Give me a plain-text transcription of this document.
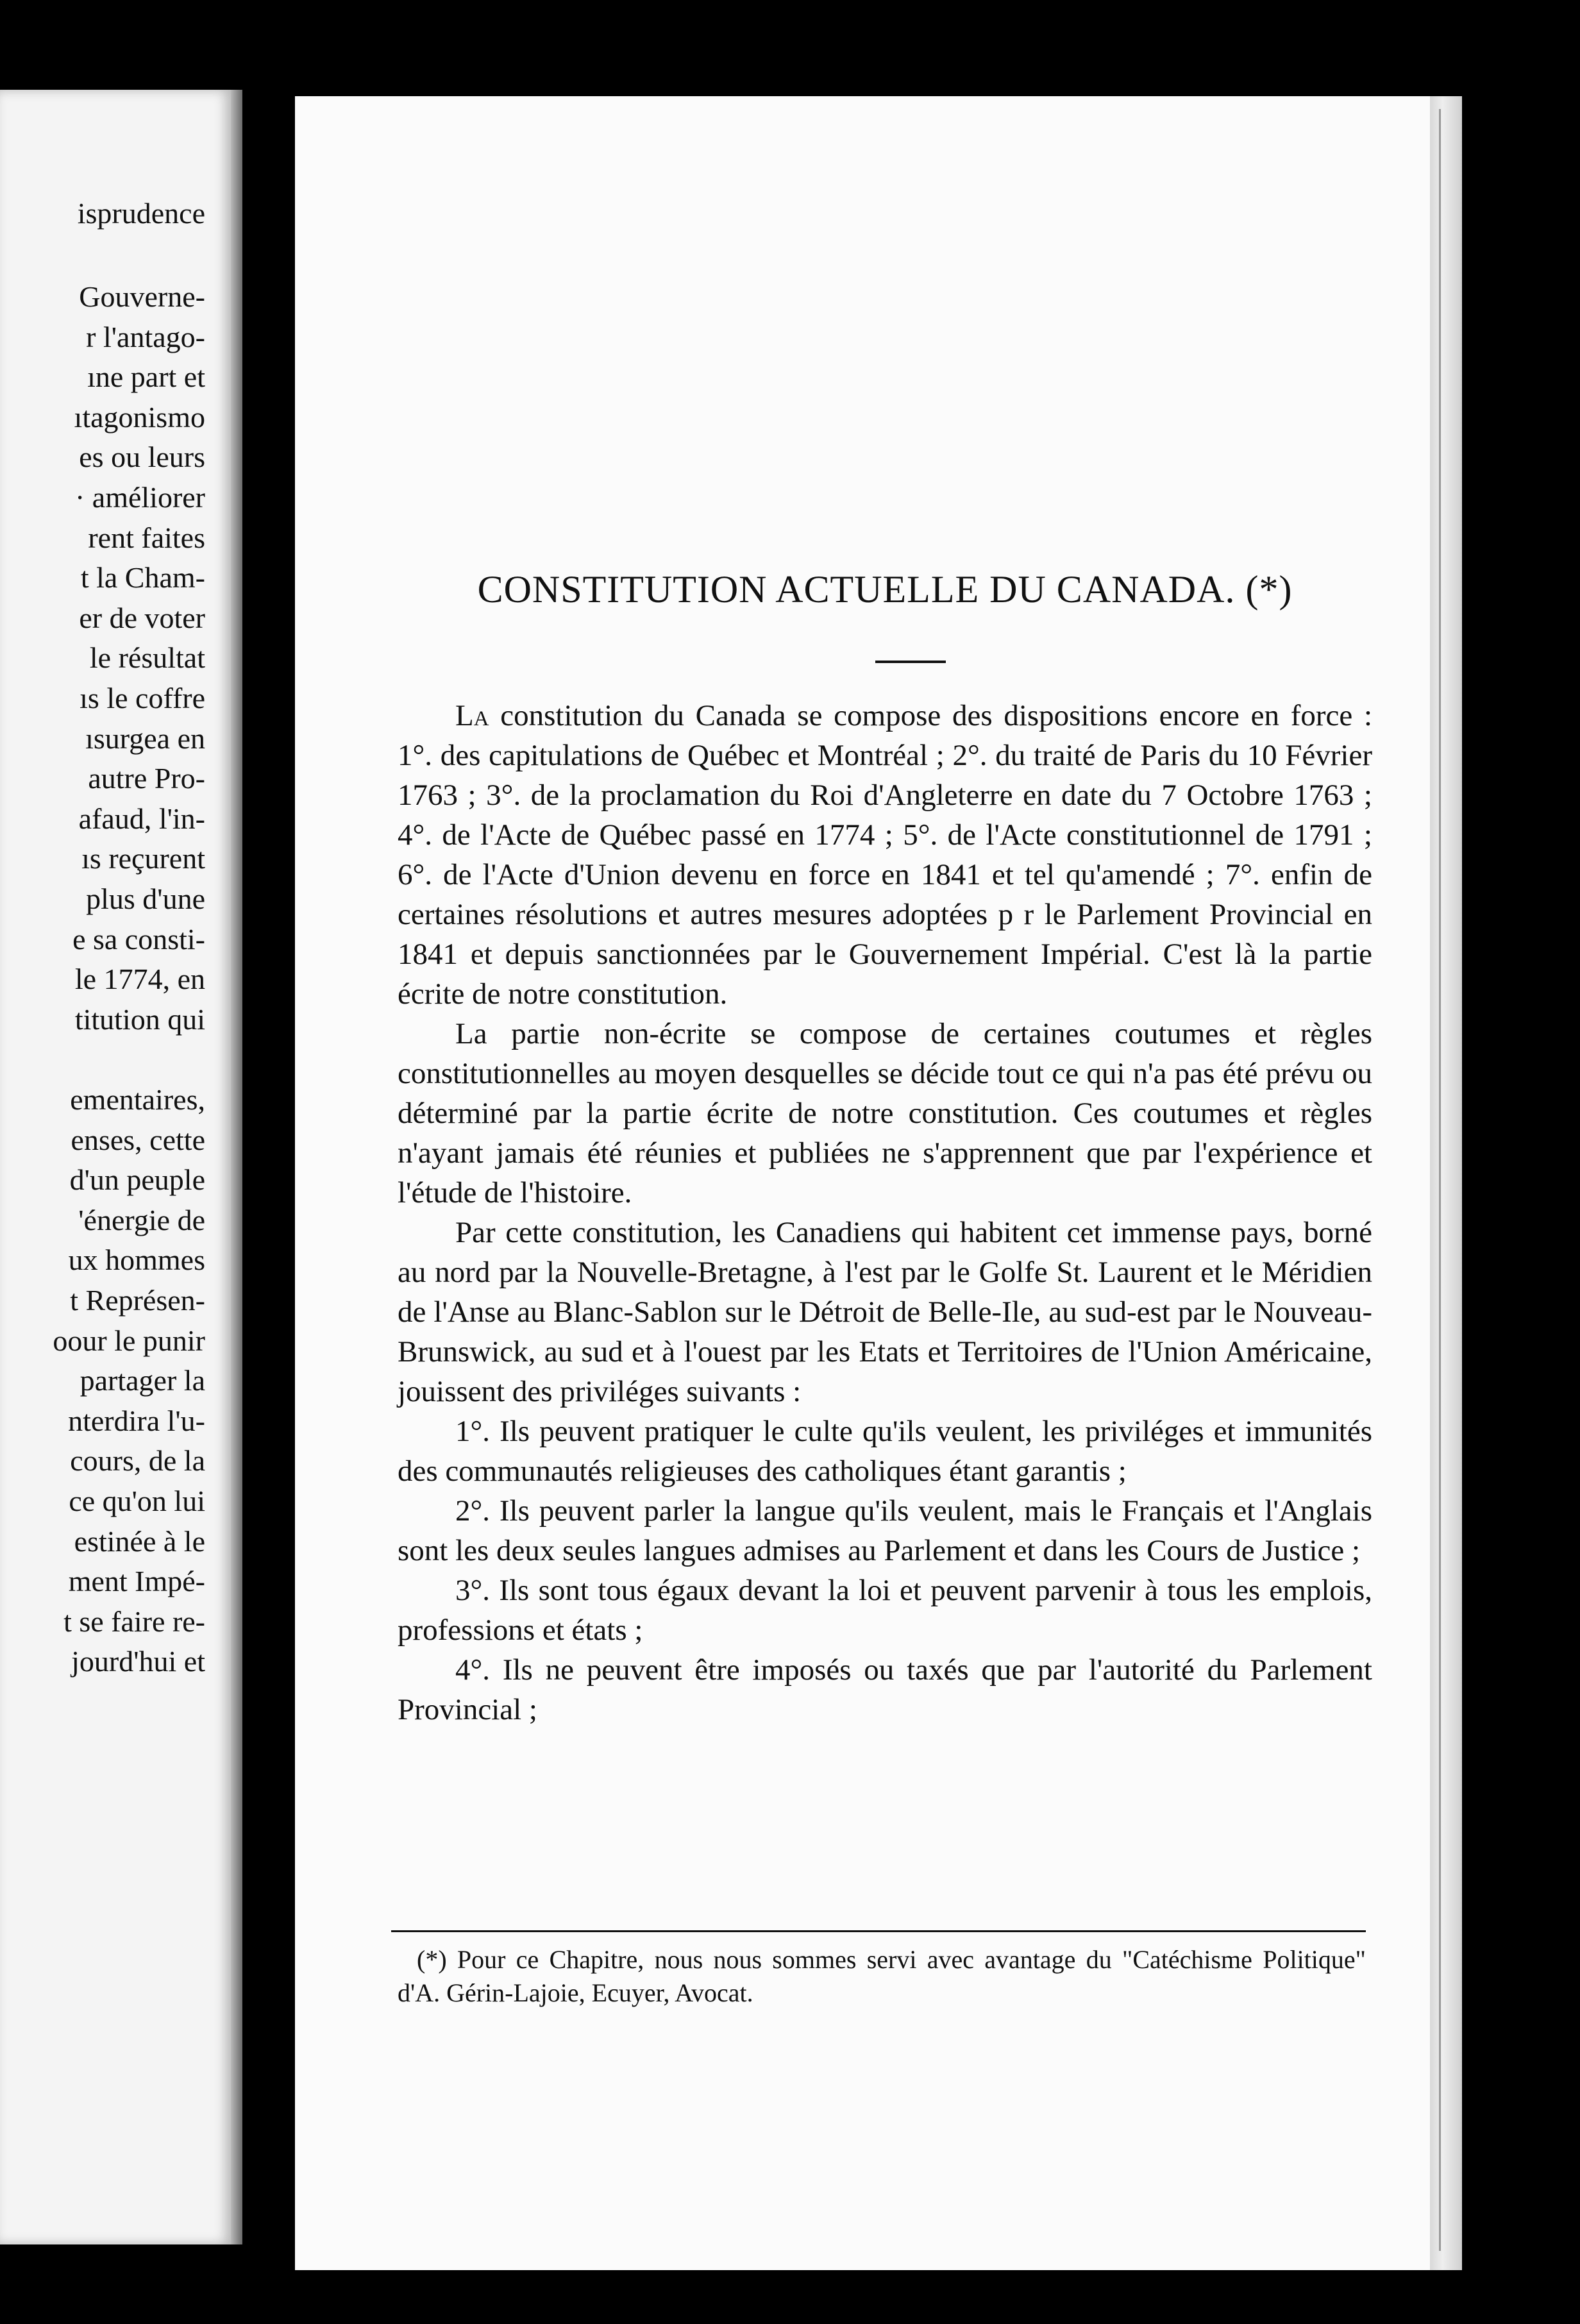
isprudence
Gouverne-
r l'antago-
ıne part et
ıtagonismo
es ou leurs
· améliorer
rent faites
t la Cham-
er de voter
le résultat
ıs le coffre
ısurgea en
autre Pro-
afaud, l'in-
ıs reçurent
plus d'une
e sa consti-
le 1774, en
titution qui
ementaires,
enses, cette
d'un peuple
'énergie de
ux hommes
t Représen-
oour le punir
partager la
nterdira l'u-
cours, de la
ce qu'on lui
estinée à le
ment Impé-
t se faire re-
jourd'hui et
CONSTITUTION ACTUELLE DU CANADA. (*)

La constitution du Canada se compose des dispositions encore en force : 1°. des capitulations de Québec et Montréal ; 2°. du traité de Paris du 10 Février 1763 ; 3°. de la proclamation du Roi d'Angleterre en date du 7 Octobre 1763 ; 4°. de l'Acte de Québec passé en 1774 ; 5°. de l'Acte constitutionnel de 1791 ; 6°. de l'Acte d'Union devenu en force en 1841 et tel qu'amendé ; 7°. enfin de certaines résolutions et autres mesures adoptées p r le Parlement Provincial en 1841 et depuis sanctionnées par le Gouvernement Impérial. C'est là la partie écrite de notre constitution.

La partie non-écrite se compose de certaines coutumes et règles constitutionnelles au moyen desquelles se décide tout ce qui n'a pas été prévu ou déterminé par la partie écrite de notre constitution. Ces coutumes et règles n'ayant jamais été réunies et publiées ne s'apprennent que par l'expérience et l'étude de l'histoire.

Par cette constitution, les Canadiens qui habitent cet immense pays, borné au nord par la Nouvelle-Bretagne, à l'est par le Golfe St. Laurent et le Méridien de l'Anse au Blanc-Sablon sur le Détroit de Belle-Ile, au sud-est par le Nouveau-Brunswick, au sud et à l'ouest par les Etats et Territoires de l'Union Américaine, jouissent des priviléges suivants :

1°. Ils peuvent pratiquer le culte qu'ils veulent, les priviléges et immunités des communautés religieuses des catholiques étant garantis ;

2°. Ils peuvent parler la langue qu'ils veulent, mais le Français et l'Anglais sont les deux seules langues admises au Parlement et dans les Cours de Justice ;

3°. Ils sont tous égaux devant la loi et peuvent parvenir à tous les emplois, professions et états ;

4°. Ils ne peuvent être imposés ou taxés que par l'autorité du Parlement Provincial ;

(*) Pour ce Chapitre, nous nous sommes servi avec avantage du "Catéchisme Politique" d'A. Gérin-Lajoie, Ecuyer, Avocat.
